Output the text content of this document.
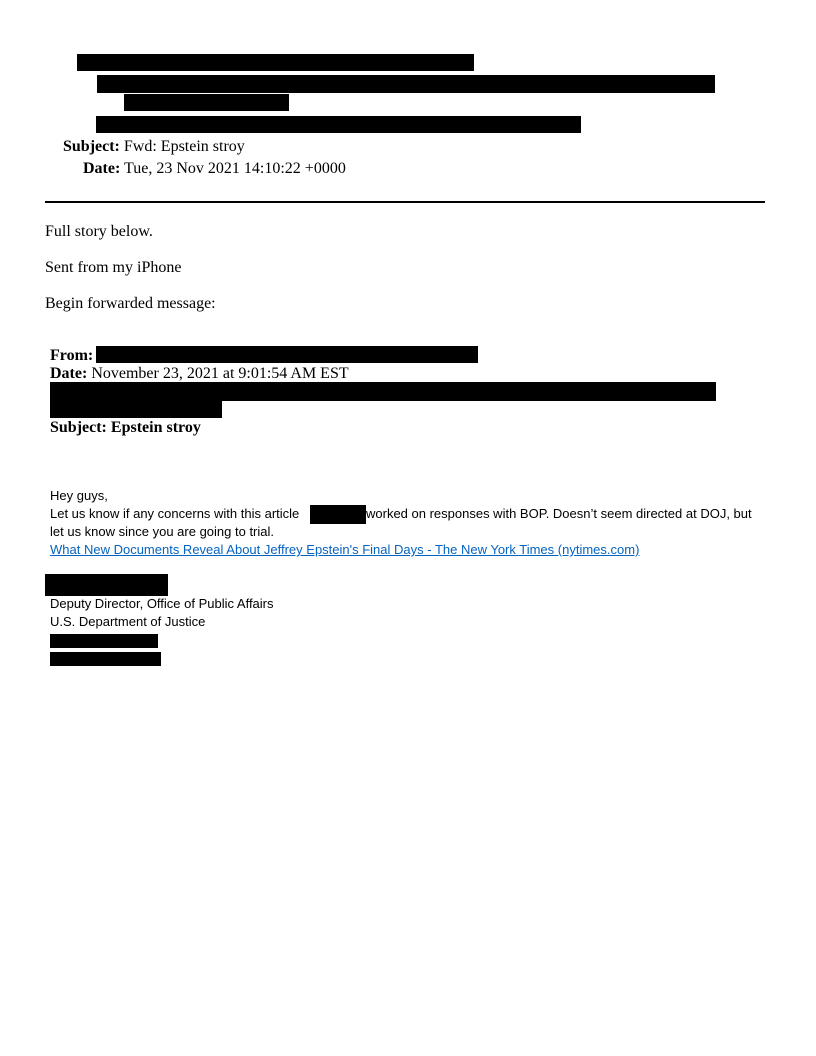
Subject: Fwd: Epstein stroy
Date: Tue, 23 Nov 2021 14:10:22 +0000
Full story below.
Sent from my iPhone
Begin forwarded message:
From:
Date: November 23, 2021 at 9:01:54 AM EST
Subject: Epstein stroy
Hey guys,
Let us know if any concerns with this article	worked on responses with BOP. Doesn’t seem directed at DOJ, but
let us know since you are going to trial.
What New Documents Reveal About Jeffrey Epstein's Final Days - The New York Times (nytimes.com)
Deputy Director, Office of Public Affairs
U.S. Department of Justice
